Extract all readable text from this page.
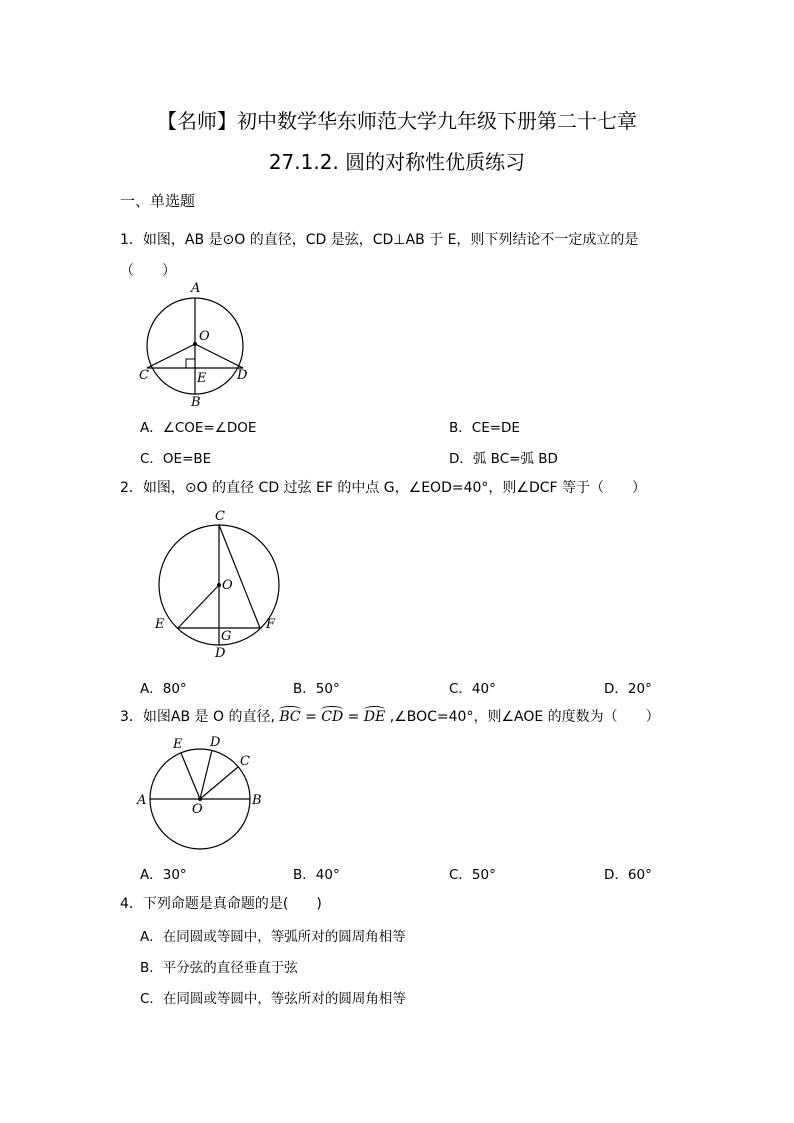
【名师】初中数学华东师范大学九年级下册第二十七章
27.1.2. 圆的对称性优质练习
一、单选题
1．如图，AB 是⊙O 的直径，CD 是弦，CD⊥AB 于 E，则下列结论不一定成立的是
（　　）
A
O
C	E D
B
A．∠COE=∠DOE	B．CE=DE
C．OE=BE	D．弧 BC=弧 BD
2．如图，⊙O 的直径 CD 过弦 EF 的中点 G，∠EOD=40°，则∠DCF 等于（　　）
C
O
E
G
F
D
A．80°	B．50°	C．40°	D．20°
3．如图AB 是 O 的直径, BC = CD = DE ,∠BOC=40°，则∠AOE 的度数为（　　）
E D
C
A
O
B
A．30°	B．40°	C．50°	D．60°
4．下列命题是真命题的是(　　)
A．在同圆或等圆中，等弧所对的圆周角相等
B．平分弦的直径垂直于弦
C．在同圆或等圆中，等弦所对的圆周角相等
